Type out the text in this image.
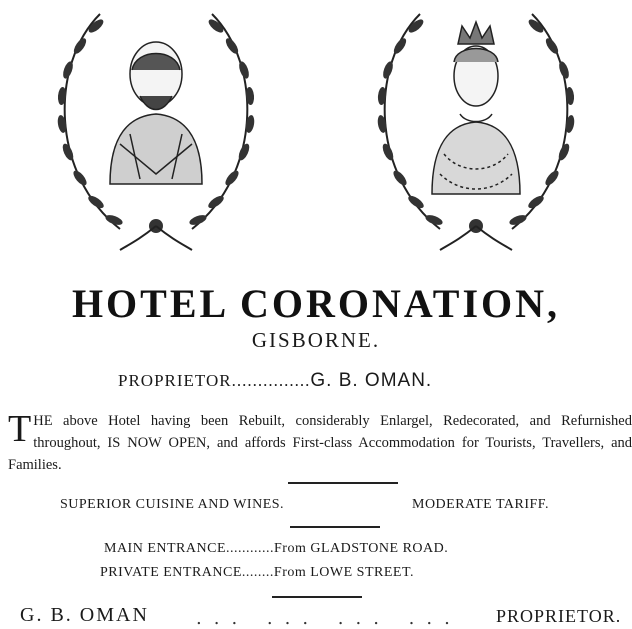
HOTEL CORONATION,
GISBORNE.
PROPRIETOR...............G. B. OMAN.
THE above Hotel having been Rebuilt, considerably Enlargel, Redecorated, and Refurnished throughout, IS NOW OPEN, and affords First-class Accommodation for Tourists, Travellers, and Families.
SUPERIOR CUISINE AND WINES.	MODERATE TARIFF.
MAIN ENTRANCE............From GLADSTONE ROAD.
PRIVATE ENTRANCE........From LOWE STREET.
G. B. OMAN	... ... ... ... PROPRIETOR.
